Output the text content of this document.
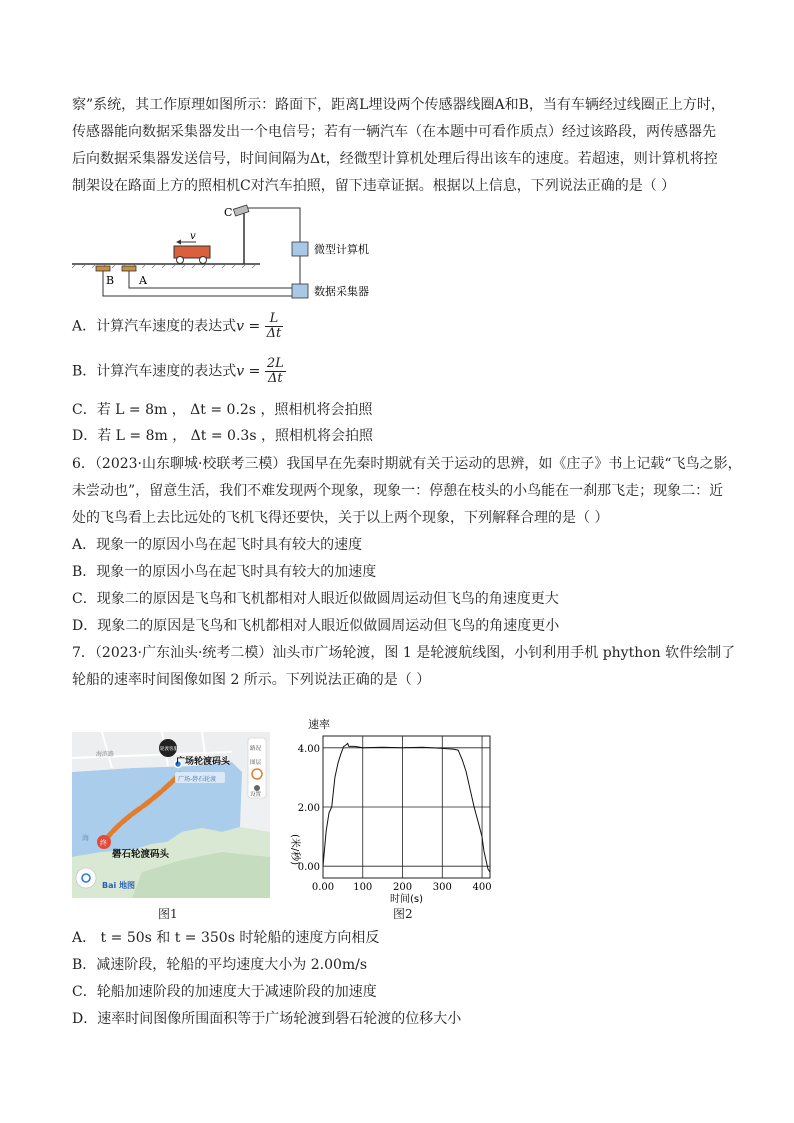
察”系统，其工作原理如图所示：路面下，距离L埋设两个传感器线圈A和B，当有车辆经过线圈正上方时，
传感器能向数据采集器发出一个电信号；若有一辆汽车（在本题中可看作质点）经过该路段，两传感器先
后向数据采集器发送信号，时间间隔为Δt，经微型计算机处理后得出该车的速度。若超速，则计算机将控
制架设在路面上方的照相机C对汽车拍照，留下违章证据。根据以上信息，下列说法正确的是（ ）
v
B A
C
微型计算机
数据采集器
A．计算汽车速度的表达式$v = \frac{L}{\Delta t}$
B．计算汽车速度的表达式$v = \frac{2L}{\Delta t}$
C．若 L = 8m ， Δt = 0.2s ，照相机将会拍照
D．若 L = 8m ， Δt = 0.3s ，照相机将会拍照
6．（2023·山东聊城·校联考三模）我国早在先秦时期就有关于运动的思辨，如《庄子》书上记载“飞鸟之影，
未尝动也”，留意生活，我们不难发现两个现象，现象一：停憩在枝头的小鸟能在一刹那飞走；现象二：近
处的飞鸟看上去比远处的飞机飞得还要快，关于以上两个现象，下列解释合理的是（ ）
A．现象一的原因小鸟在起飞时具有较大的速度
B．现象一的原因小鸟在起飞时具有较大的加速度
C．现象二的原因是飞鸟和飞机都相对人眼近似做圆周运动但飞鸟的角速度更大
D．现象二的原因是飞鸟和飞机都相对人眼近似做圆周运动但飞鸟的角速度更小
7．（2023·广东汕头·统考二模）汕头市广场轮渡，图 1 是轮渡航线图，小钊利用手机 phython 软件绘制了
轮船的速率时间图像如图 2 所示。下列说法正确的是（ ）
广场轮渡码头
广场-礐石轮渡
礐石轮渡码头
终
轮渡客服	路况
图层
设置
海滨路
海
Bai 地图
图1
0.00 100 200 300 400
0.00
2.00
4.00
速率
(米/秒)
时间(s)
图2
A． t = 50s 和 t = 350s 时轮船的速度方向相反
B．减速阶段，轮船的平均速度大小为 2.00m/s
C．轮船加速阶段的加速度大于减速阶段的加速度
D．速率时间图像所围面积等于广场轮渡到礐石轮渡的位移大小
